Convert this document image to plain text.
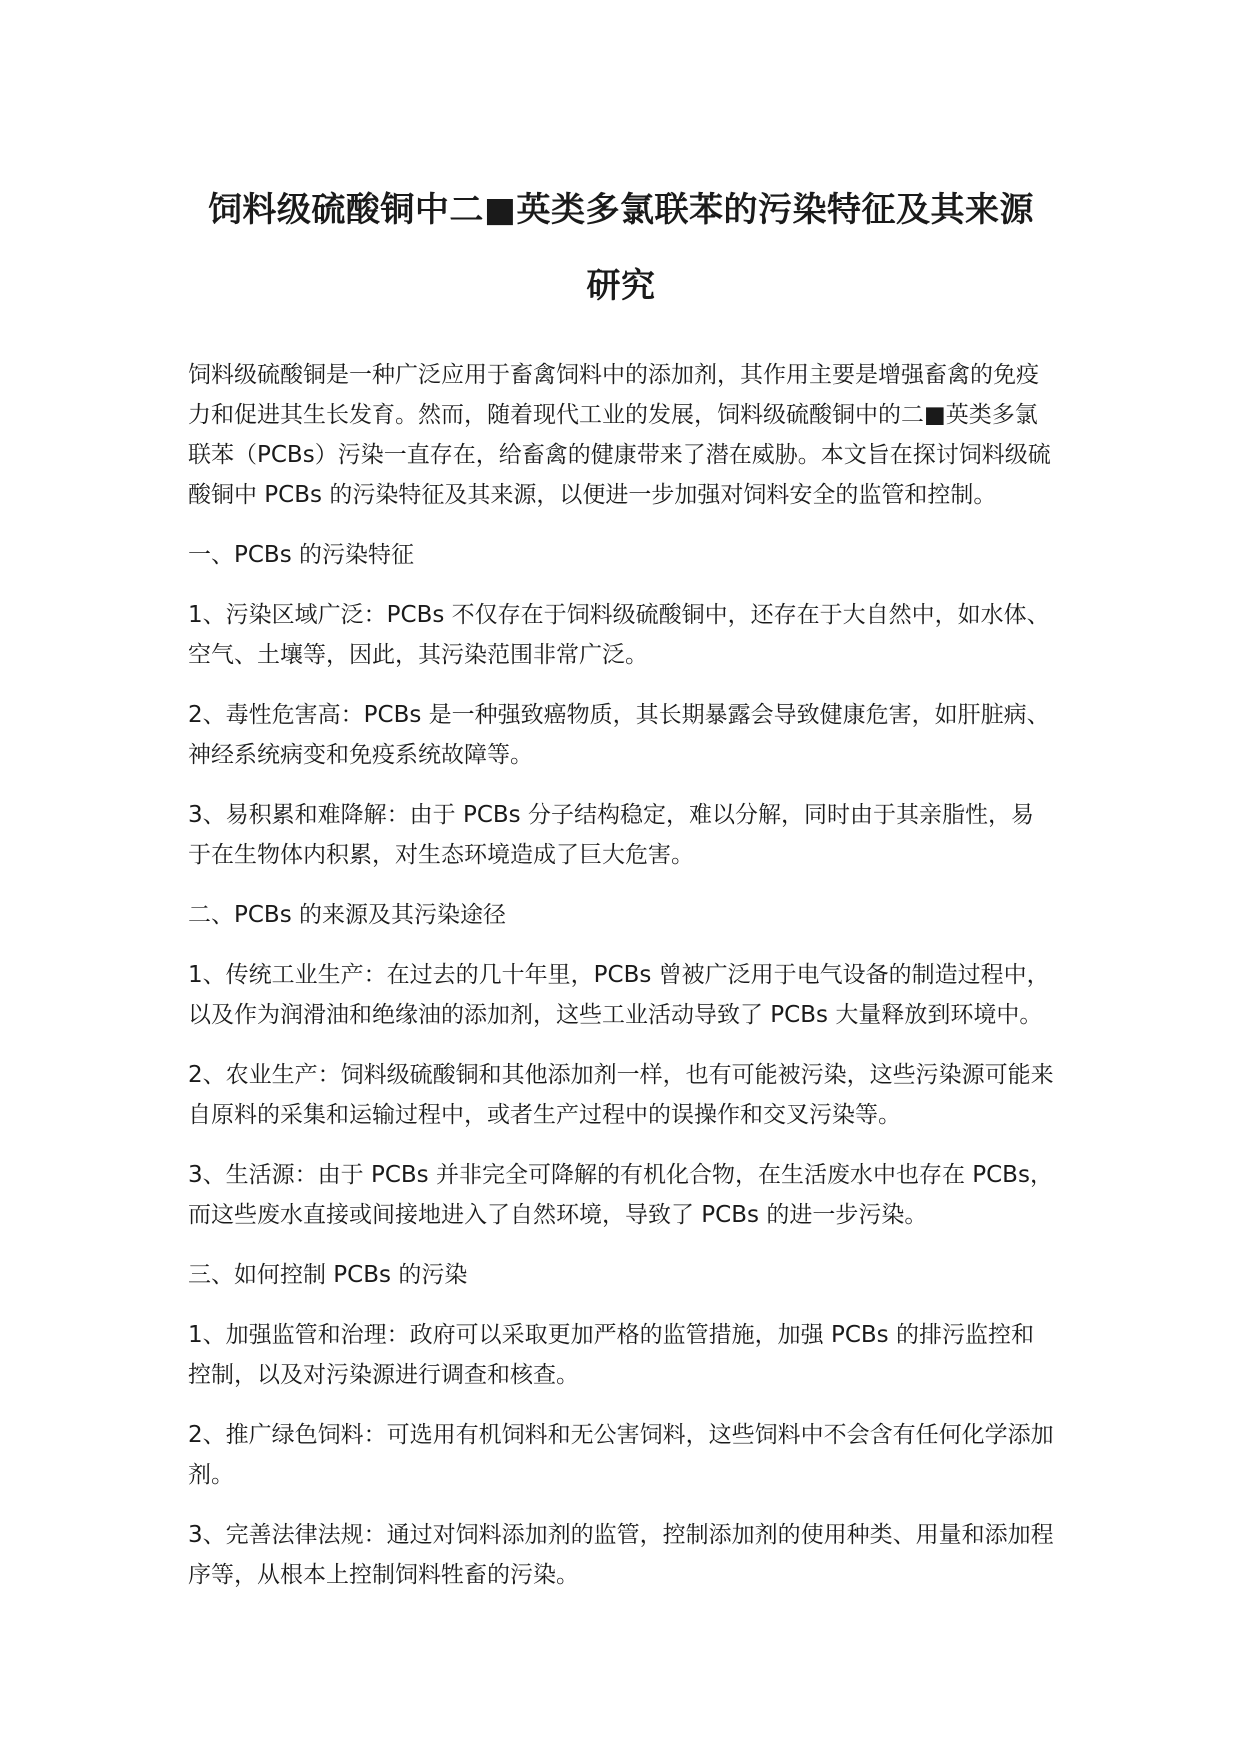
饲料级硫酸铜中二■英类多氯联苯的污染特征及其来源研究

饲料级硫酸铜是一种广泛应用于畜禽饲料中的添加剂，其作用主要是增强畜禽的免疫力和促进其生长发育。然而，随着现代工业的发展，饲料级硫酸铜中的二■英类多氯联苯（PCBs）污染一直存在，给畜禽的健康带来了潜在威胁。本文旨在探讨饲料级硫酸铜中 PCBs 的污染特征及其来源，以便进一步加强对饲料安全的监管和控制。

一、PCBs 的污染特征

1、污染区域广泛：PCBs 不仅存在于饲料级硫酸铜中，还存在于大自然中，如水体、空气、土壤等，因此，其污染范围非常广泛。

2、毒性危害高：PCBs 是一种强致癌物质，其长期暴露会导致健康危害，如肝脏病、神经系统病变和免疫系统故障等。

3、易积累和难降解：由于 PCBs 分子结构稳定，难以分解，同时由于其亲脂性，易于在生物体内积累，对生态环境造成了巨大危害。

二、PCBs 的来源及其污染途径

1、传统工业生产：在过去的几十年里，PCBs 曾被广泛用于电气设备的制造过程中，以及作为润滑油和绝缘油的添加剂，这些工业活动导致了 PCBs 大量释放到环境中。

2、农业生产：饲料级硫酸铜和其他添加剂一样，也有可能被污染，这些污染源可能来自原料的采集和运输过程中，或者生产过程中的误操作和交叉污染等。

3、生活源：由于 PCBs 并非完全可降解的有机化合物，在生活废水中也存在 PCBs，而这些废水直接或间接地进入了自然环境，导致了 PCBs 的进一步污染。

三、如何控制 PCBs 的污染

1、加强监管和治理：政府可以采取更加严格的监管措施，加强 PCBs 的排污监控和控制，以及对污染源进行调查和核查。

2、推广绿色饲料：可选用有机饲料和无公害饲料，这些饲料中不会含有任何化学添加剂。

3、完善法律法规：通过对饲料添加剂的监管，控制添加剂的使用种类、用量和添加程序等，从根本上控制饲料牲畜的污染。
